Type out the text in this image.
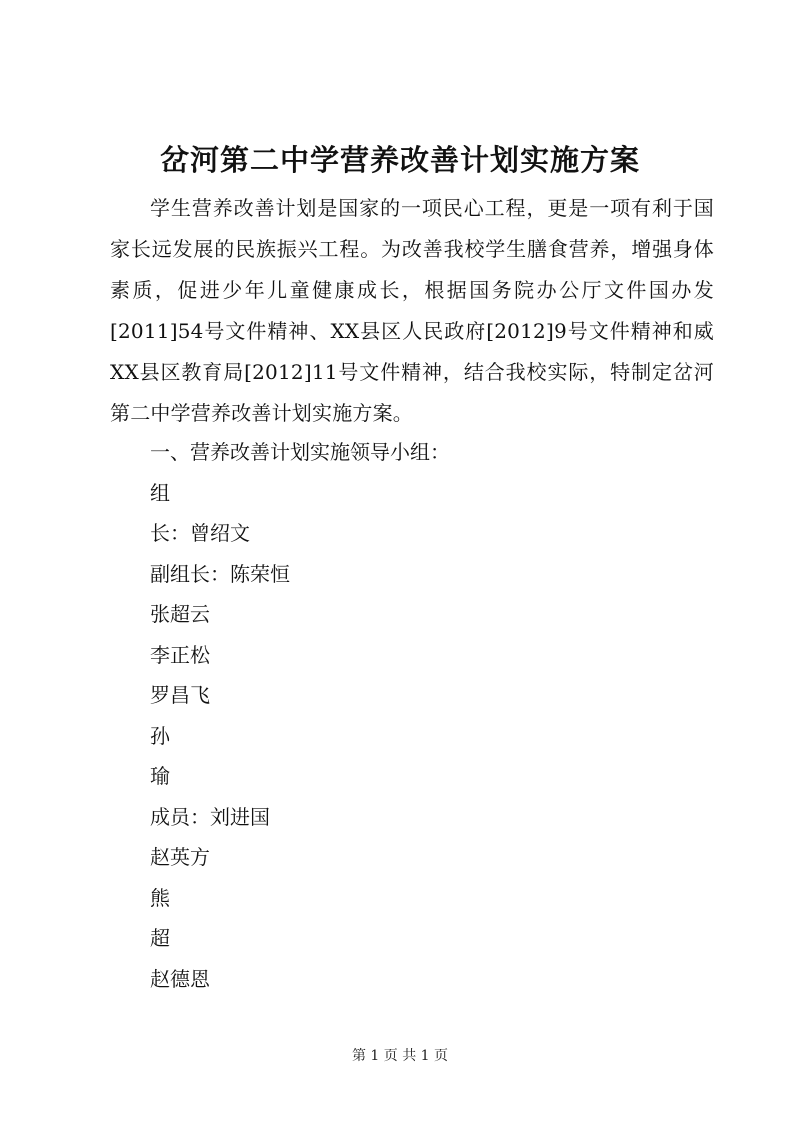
岔河第二中学营养改善计划实施方案

学生营养改善计划是国家的一项民心工程，更是一项有利于国家长远发展的民族振兴工程。为改善我校学生膳食营养，增强身体素质，促进少年儿童健康成长，根据国务院办公厅文件国办发[2011]54号文件精神、XX县区人民政府[2012]9号文件精神和威XX县区教育局[2012]11号文件精神，结合我校实际，特制定岔河第二中学营养改善计划实施方案。

一、营养改善计划实施领导小组：
组
长：曾绍文
副组长：陈荣恒
张超云
李正松
罗昌飞
孙
瑜
成员：刘进国
赵英方
熊
超
赵德恩
第 1 页 共 1 页
